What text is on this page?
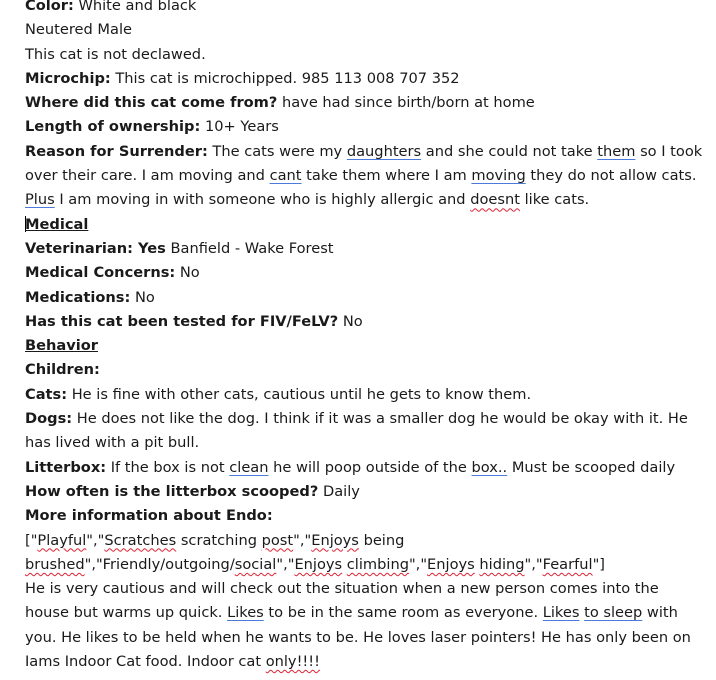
Color: White and black
Neutered Male
This cat is not declawed.
Microchip: This cat is microchipped. 985 113 008 707 352
Where did this cat come from? have had since birth/born at home
Length of ownership: 10+ Years
Reason for Surrender: The cats were my daughters and she could not take them so I took
over their care. I am moving and cant take them where I am moving they do not allow cats.
Plus I am moving in with someone who is highly allergic and doesnt like cats.
Medical
Veterinarian: Yes Banfield - Wake Forest
Medical Concerns: No
Medications: No
Has this cat been tested for FIV/FeLV? No
Behavior
Children:
Cats: He is fine with other cats, cautious until he gets to know them.
Dogs: He does not like the dog. I think if it was a smaller dog he would be okay with it. He
has lived with a pit bull.
Litterbox: If the box is not clean he will poop outside of the box.. Must be scooped daily
How often is the litterbox scooped? Daily
More information about Endo:
["Playful","Scratches scratching post","Enjoys being
brushed","Friendly/outgoing/social","Enjoys climbing","Enjoys hiding","Fearful"]
He is very cautious and will check out the situation when a new person comes into the
house but warms up quick. Likes to be in the same room as everyone. Likes to sleep with
you. He likes to be held when he wants to be. He loves laser pointers! He has only been on
Iams Indoor Cat food. Indoor cat only!!!!
